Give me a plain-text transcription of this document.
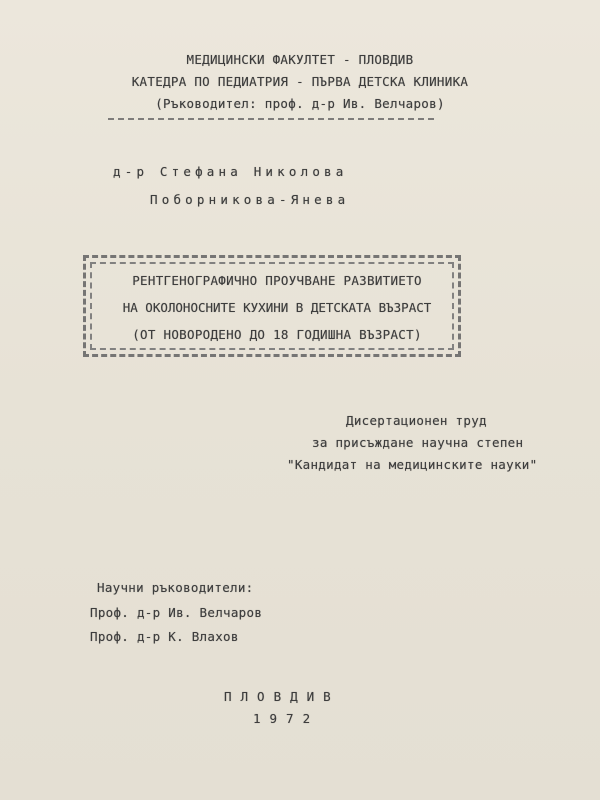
МЕДИЦИНСКИ ФАКУЛТЕТ - ПЛОВДИВ
КАТЕДРА ПО ПЕДИАТРИЯ - ПЪРВА ДЕТСКА КЛИНИКА
(Ръководител: проф. д-р Ив. Велчаров)
д-р Стефана Николова
Поборникова-Янева
РЕНТГЕНОГРАФИЧНО ПРОУЧВАНЕ РАЗВИТИЕТО
НА ОКОЛОНОСНИТЕ КУХИНИ В ДЕТСКАТА ВЪЗРАСТ
(ОТ НОВОРОДЕНО ДО 18 ГОДИШНА ВЪЗРАСТ)
Дисертационен труд
за присъждане научна степен
"Кандидат на медицинските науки"
Научни ръководители:
Проф. д-р Ив. Велчаров
Проф. д-р К. Влахов
ПЛОВДИВ
1972
